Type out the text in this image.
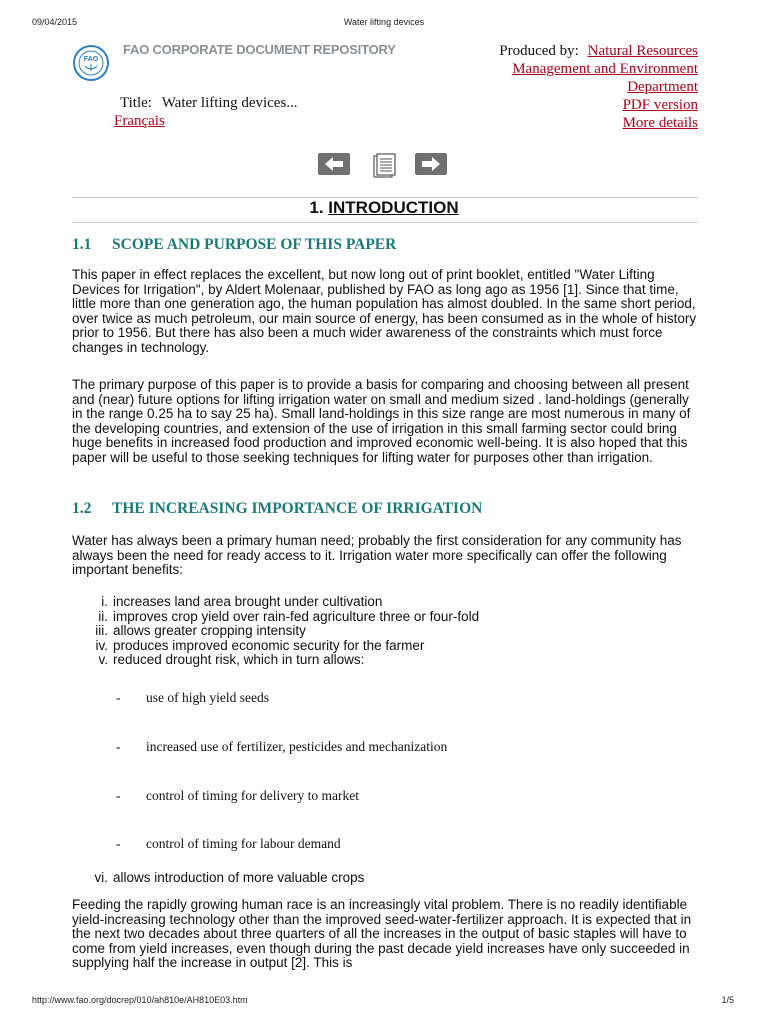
09/04/2015	Water lifting devices
FAO
FAO CORPORATE DOCUMENT REPOSITORY	Produced by: Natural Resources
Management and Environment
Department
PDF version
More details
Title: Water lifting devices...
Français
1. INTRODUCTION
1.1 SCOPE AND PURPOSE OF THIS PAPER

This paper in effect replaces the excellent, but now long out of print booklet, entitled "Water Lifting Devices for Irrigation", by Aldert Molenaar, published by FAO as long ago as 1956 [1]. Since that time, little more than one generation ago, the human population has almost doubled. In the same short period, over twice as much petroleum, our main source of energy, has been consumed as in the whole of history prior to 1956. But there has also been a much wider awareness of the constraints which must force changes in technology.

The primary purpose of this paper is to provide a basis for comparing and choosing between all present and (near) future options for lifting irrigation water on small and medium sized . land-holdings (generally in the range 0.25 ha to say 25 ha). Small land-holdings in this size range are most numerous in many of the developing countries, and extension of the use of irrigation in this small farming sector could bring huge benefits in increased food production and improved economic well-being. It is also hoped that this paper will be useful to those seeking techniques for lifting water for purposes other than irrigation.

1.2 THE INCREASING IMPORTANCE OF IRRIGATION

Water has always been a primary human need; probably the first consideration for any community has always been the need for ready access to it. Irrigation water more specifically can offer the following important benefits:

i. increases land area brought under cultivation
ii. improves crop yield over rain-fed agriculture three or four-fold
iii. allows greater cropping intensity
iv. produces improved economic security for the farmer
v. reduced drought risk, which in turn allows:
- use of high yield seeds
- increased use of fertilizer, pesticides and mechanization
- control of timing for delivery to market
- control of timing for labour demand
vi. allows introduction of more valuable crops

Feeding the rapidly growing human race is an increasingly vital problem. There is no readily identifiable yield-increasing technology other than the improved seed-water-fertilizer approach. It is expected that in the next two decades about three quarters of all the increases in the output of basic staples will have to come from yield increases, even though during the past decade yield increases have only succeeded in supplying half the increase in output [2]. This is

http://www.fao.org/docrep/010/ah810e/AH810E03.htm	1/5
